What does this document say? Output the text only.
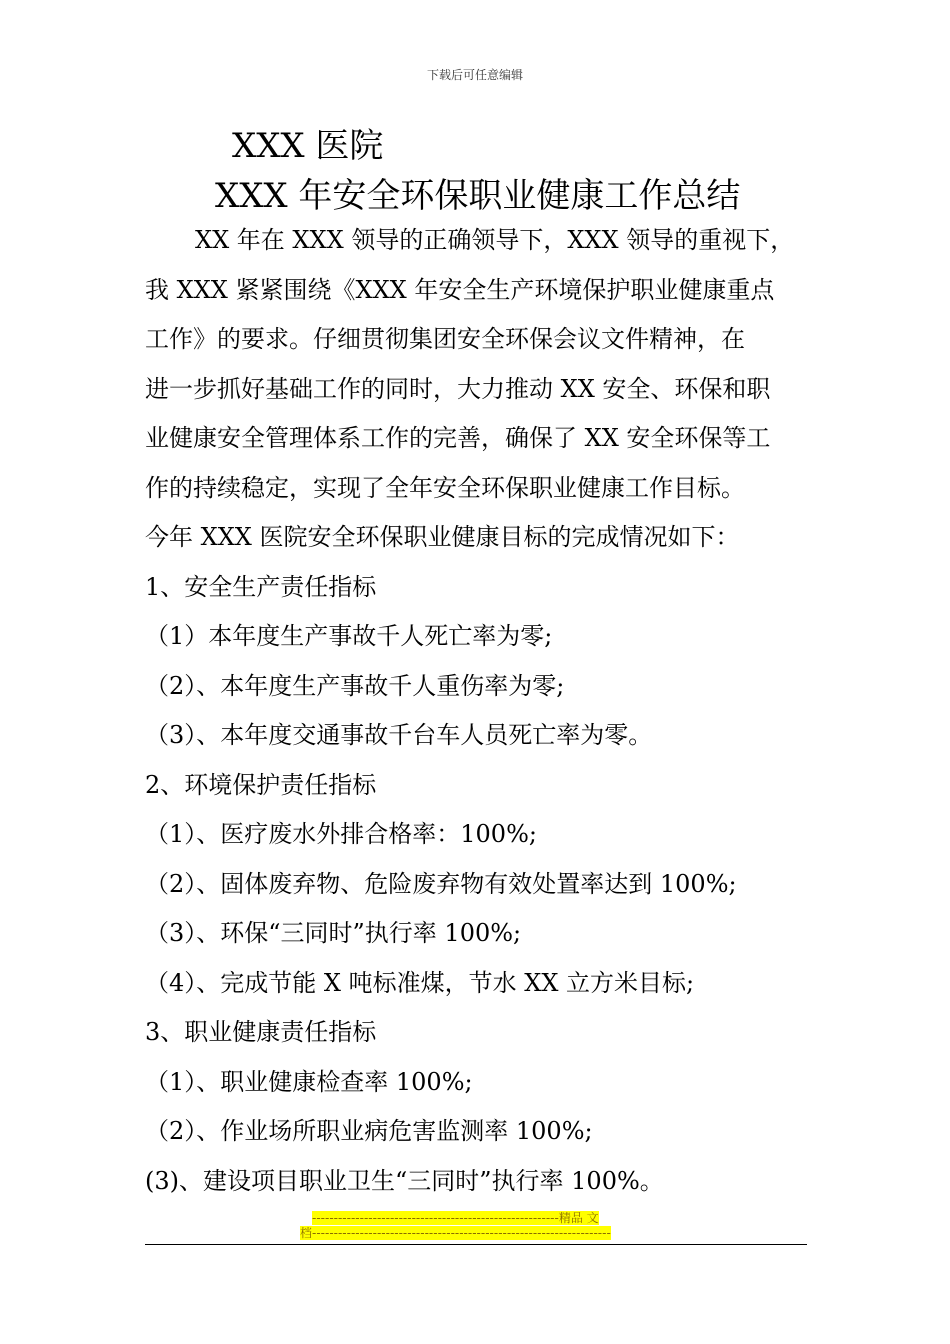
下载后可任意编辑
XXX 医院
XXX 年安全环保职业健康工作总结

XX 年在 XXX 领导的正确领导下，XXX 领导的重视下，

我 XXX 紧紧围绕《XXX 年安全生产环境保护职业健康重点

工作》的要求。仔细贯彻集团安全环保会议文件精神，在

进一步抓好基础工作的同时，大力推动 XX 安全、环保和职

业健康安全管理体系工作的完善，确保了 XX 安全环保等工

作的持续稳定，实现了全年安全环保职业健康工作目标。

今年 XXX 医院安全环保职业健康目标的完成情况如下：

1、安全生产责任指标

（1）本年度生产事故千人死亡率为零;

（2）、本年度生产事故千人重伤率为零;

（3）、本年度交通事故千台车人员死亡率为零。

2、环境保护责任指标

（1）、医疗废水外排合格率：100%;

（2）、固体废弃物、危险废弃物有效处置率达到 100%;

（3）、环保“三同时”执行率 100%;

（4）、完成节能 X 吨标准煤，节水 XX 立方米目标;

3、职业健康责任指标

（1）、职业健康检查率 100%;

（2）、作业场所职业病危害监测率 100%;

(3)、建设项目职业卫生“三同时”执行率 100%。

---------------------------------------------------------精品 文
档---------------------------------------------------------------------
